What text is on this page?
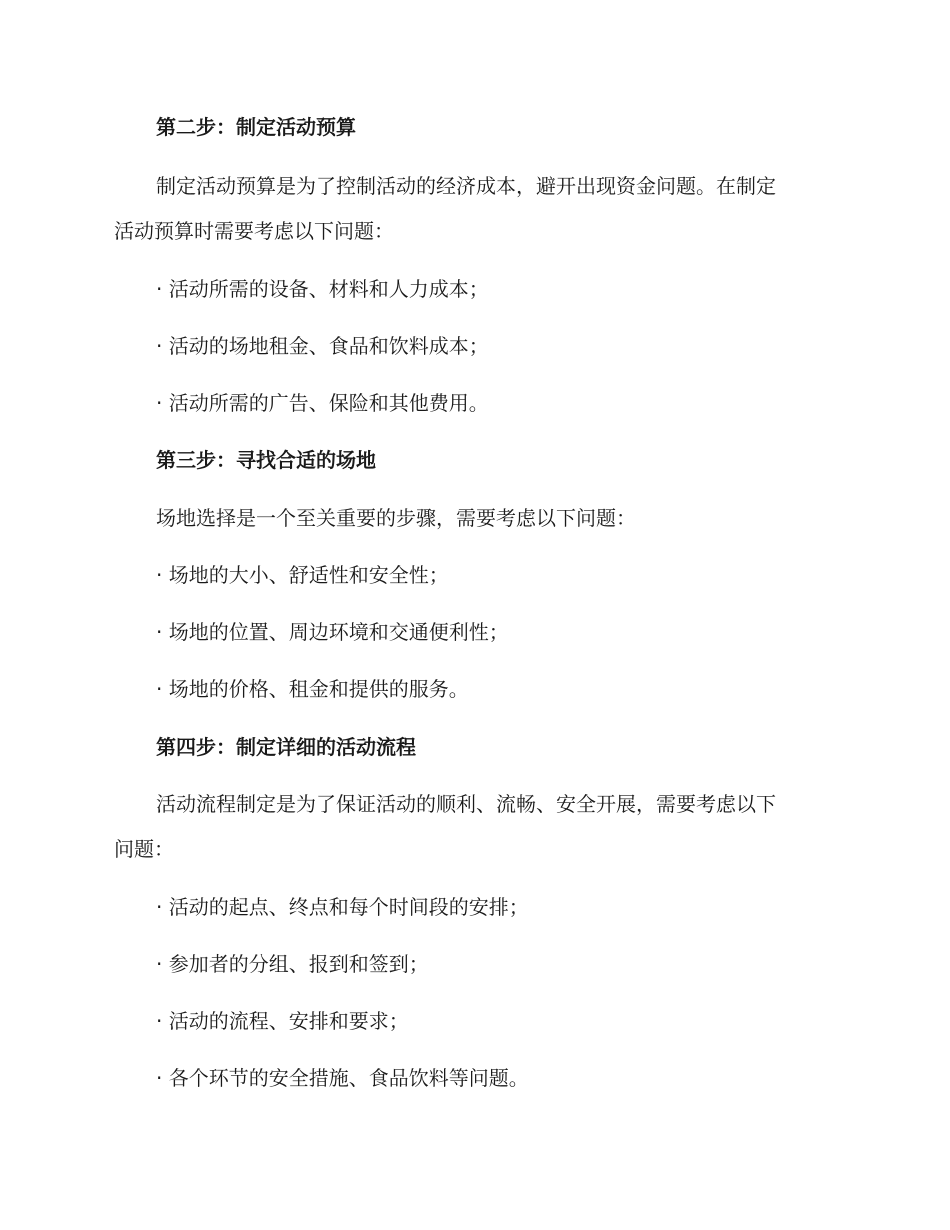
第二步：制定活动预算

制定活动预算是为了控制活动的经济成本，避开出现资金问题。在制定

活动预算时需要考虑以下问题：

· 活动所需的设备、材料和人力成本；

· 活动的场地租金、食品和饮料成本；

· 活动所需的广告、保险和其他费用。

第三步：寻找合适的场地

场地选择是一个至关重要的步骤，需要考虑以下问题：

· 场地的大小、舒适性和安全性；

· 场地的位置、周边环境和交通便利性；

· 场地的价格、租金和提供的服务。

第四步：制定详细的活动流程

活动流程制定是为了保证活动的顺利、流畅、安全开展，需要考虑以下

问题：

· 活动的起点、终点和每个时间段的安排；

· 参加者的分组、报到和签到；

· 活动的流程、安排和要求；

· 各个环节的安全措施、食品饮料等问题。
